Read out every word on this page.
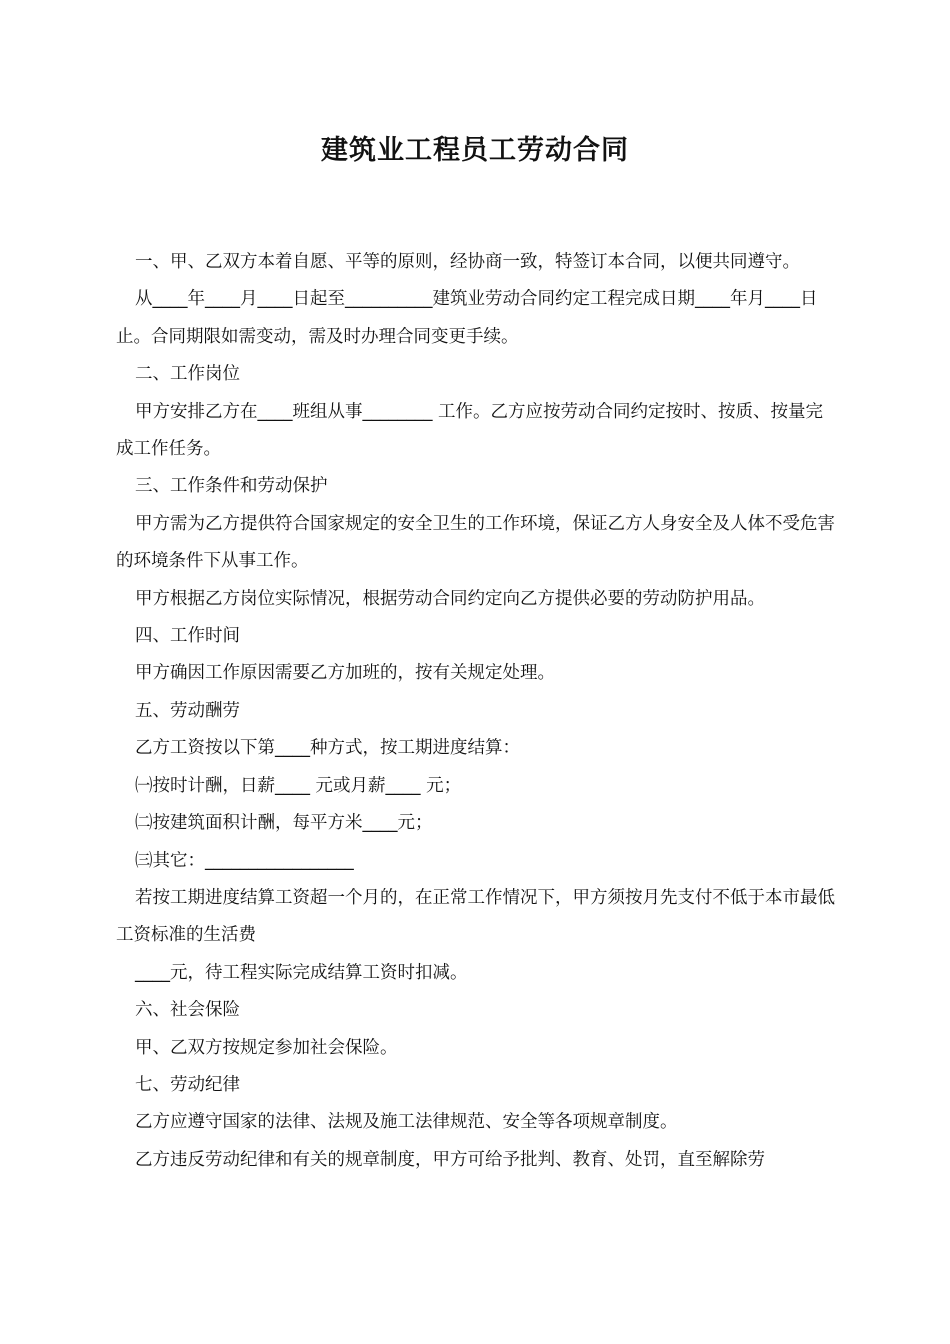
建筑业工程员工劳动合同

一、甲、乙双方本着自愿、平等的原则，经协商一致，特签订本合同，以便共同遵守。

从____年____月____日起至__________建筑业劳动合同约定工程完成日期____年月____日止。合同期限如需变动，需及时办理合同变更手续。

二、工作岗位

甲方安排乙方在____班组从事________ 工作。乙方应按劳动合同约定按时、按质、按量完成工作任务。

三、工作条件和劳动保护

甲方需为乙方提供符合国家规定的安全卫生的工作环境，保证乙方人身安全及人体不受危害的环境条件下从事工作。

甲方根据乙方岗位实际情况，根据劳动合同约定向乙方提供必要的劳动防护用品。

四、工作时间

甲方确因工作原因需要乙方加班的，按有关规定处理。

五、劳动酬劳

乙方工资按以下第____种方式，按工期进度结算：

㈠按时计酬，日薪____ 元或月薪____ 元；

㈡按建筑面积计酬，每平方米____元；

㈢其它：_________________

若按工期进度结算工资超一个月的，在正常工作情况下，甲方须按月先支付不低于本市最低工资标准的生活费

____元，待工程实际完成结算工资时扣减。

六、社会保险

甲、乙双方按规定参加社会保险。

七、劳动纪律

乙方应遵守国家的法律、法规及施工法律规范、安全等各项规章制度。

乙方违反劳动纪律和有关的规章制度，甲方可给予批判、教育、处罚，直至解除劳
